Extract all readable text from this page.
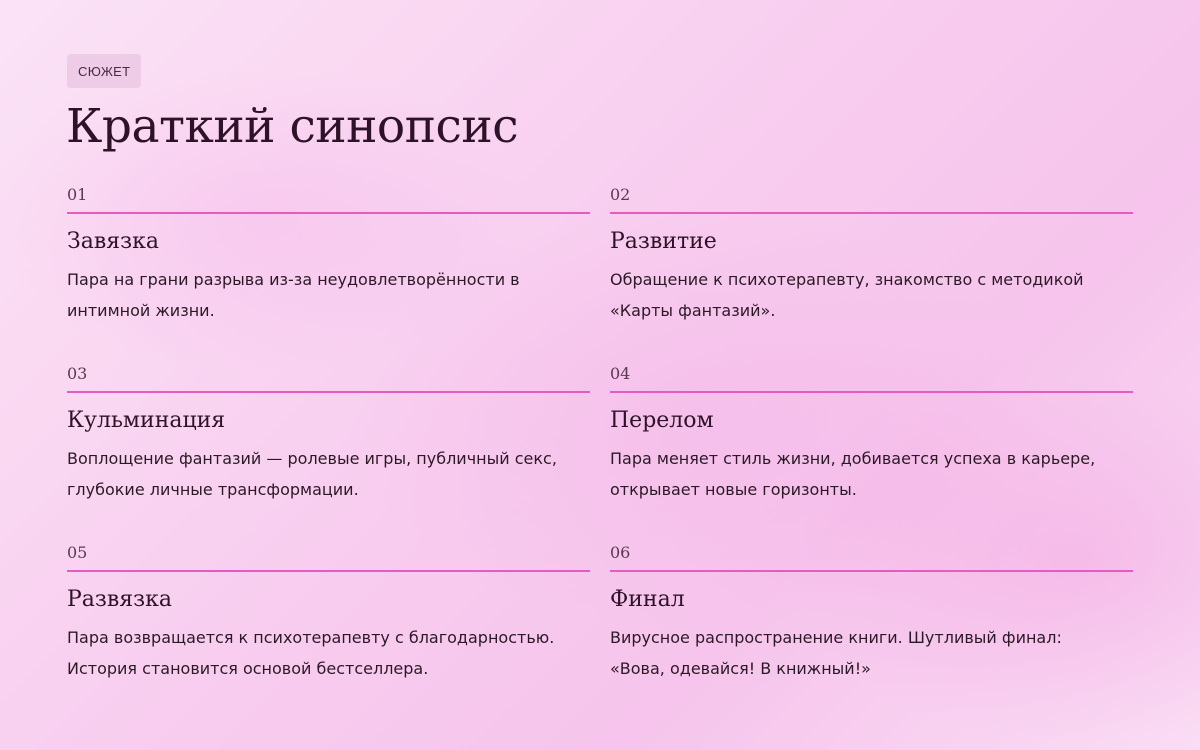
СЮЖЕТ
Краткий синопсис
01
Завязка

Пара на грани разрыва из-за неудовлетворённости в интимной жизни.

02
Развитие

Обращение к психотерапевту, знакомство с методикой «Карты фантазий».

03
Кульминация

Воплощение фантазий — ролевые игры, публичный секс, глубокие личные трансформации.

04
Перелом

Пара меняет стиль жизни, добивается успеха в карьере, открывает новые горизонты.

05
Развязка

Пара возвращается к психотерапевту с благодарностью. История становится основой бестселлера.

06
Финал

Вирусное распространение книги. Шутливый финал: «Вова, одевайся! В книжный!»
